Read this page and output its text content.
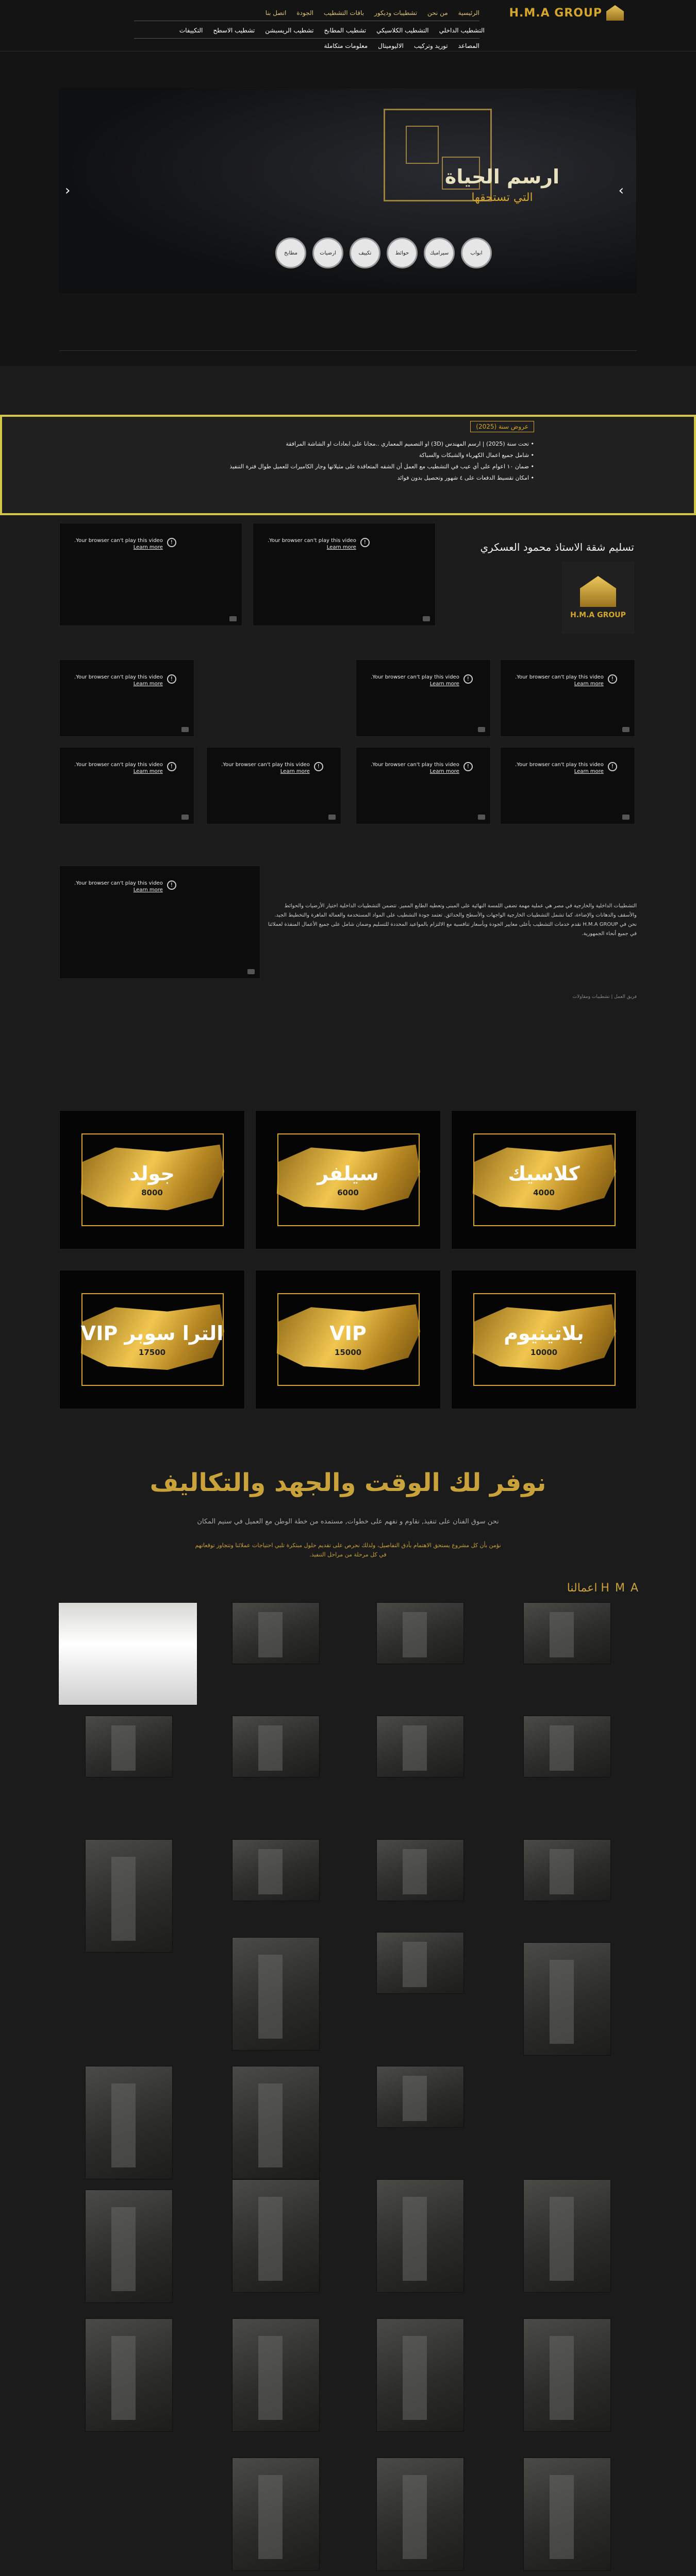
H.M.A GROUP
الرئيسية
من نحن
تشطيبات وديكور
باقات التشطيب
الجودة
اتصل بنا
التشطيب الداخلي
التشطيب الكلاسيكي
تشطيب المطابخ
تشطيب الريسبشن
تشطيب الاسطح
التكييفات
المصاعد
توريد وتركيب
الاليوميتال
معلومات متكاملة
ارسم الحياة
التي تستحقها
ابواب
سيراميك
حوائط
تكييف
ارضيات
مطابخ
‹	›
عروض سنة (2025)
• تحت سنة (2025) | ارسم المهندس (3D) او التصميم المعماري ..مجانا على ابعادات او الشاشة المرافقة
• شامل جميع اعمال الكهرباء والشبكات والسباكة
• ضمان ١٠ اعوام على أي عيب في التشطيب مع العمل أن الشقه المتعاقدة على مثيلاتها وجار الكاميرات للعميل طوال فترة التنفيذ
• امكان تقسيط الدفعات على ٤ شهور وتحصيل بدون فوائد
تسليم شقة الاستاذ محمود العسكري
H.M.A GROUP
التشطيبات الداخلية والخارجية في مصر هي عملية مهمة تضفي اللمسة النهائية على المبنى وتعطيه الطابع المميز. تتضمن التشطيبات الداخلية اختيار الأرضيات والحوائط والأسقف والدهانات والإضاءة، كما تشمل التشطيبات الخارجية الواجهات والأسطح والحدائق. تعتمد جودة التشطيب على المواد المستخدمة والعمالة الماهرة والتخطيط الجيد. نحن في H.M.A GROUP نقدم خدمات التشطيب بأعلى معايير الجودة وبأسعار تنافسية مع الالتزام بالمواعيد المحددة للتسليم وضمان شامل على جميع الأعمال المنفذة لعملائنا في جميع أنحاء الجمهورية.
فريق العمل | تشطيبات ومقاولات
!
Your browser can't play this video.
Learn more
!
Your browser can't play this video.
Learn more
!
Your browser can't play this video.
Learn more
!
Your browser can't play this video.
Learn more
!
Your browser can't play this video.
Learn more
!
Your browser can't play this video.
Learn more
!
Your browser can't play this video.
Learn more
!
Your browser can't play this video.
Learn more
!
Your browser can't play this video.
Learn more
!
Your browser can't play this video.
Learn more
كلاسيك
4000
سيلفر
6000
جولد
8000
بلاتينيوم
10000
VIP
15000
الترا سوبر VIP
17500
نوفر لك الوقت والجهد والتكاليف
نحن سوق الفنان على تنفيذ, نقاوم و نفهم على خطوات, مستمده من خطة الوطن مع العميل في سنيم المكان
نؤمن بأن كل مشروع يستحق الاهتمام بأدق التفاصيل، ولذلك نحرص على تقديم حلول مبتكرة تلبي احتياجات عملائنا وتتجاوز توقعاتهم في كل مرحلة من مراحل التنفيذ.
اعمالنا H M A
